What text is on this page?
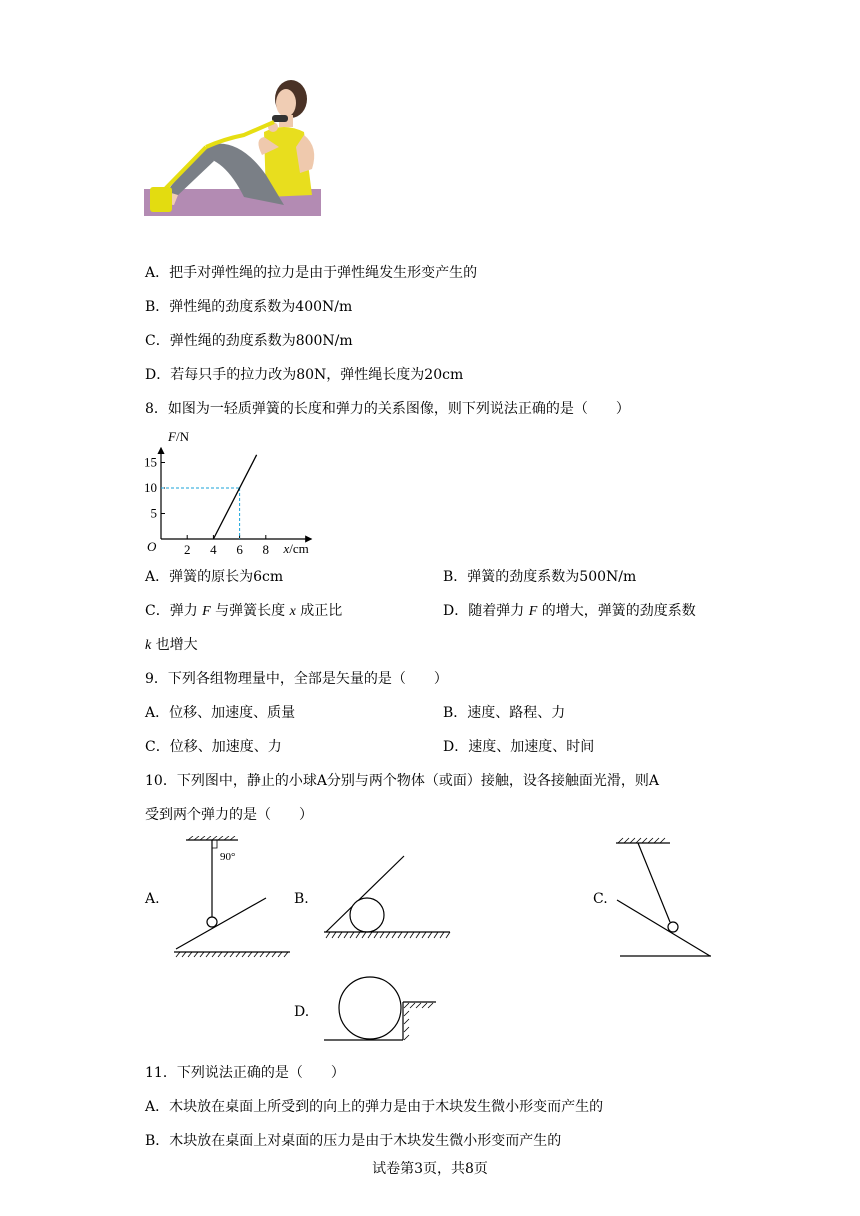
A．把手对弹性绳的拉力是由于弹性绳发生形变产生的
B．弹性绳的劲度系数为400N/m
C．弹性绳的劲度系数为800N/m
D．若每只手的拉力改为80N，弹性绳长度为20cm
8．如图为一轻质弹簧的长度和弹力的关系图像，则下列说法正确的是（　　）
F/N
x/cm
O 2 4 6 8
5
10
15
A．弹簧的原长为6cm	B．弹簧的劲度系数为500N/m
C．弹力 F 与弹簧长度 x 成正比	D．随着弹力 F 的增大，弹簧的劲度系数
k 也增大
9．下列各组物理量中，全部是矢量的是（　　）
A．位移、加速度、质量	B．速度、路程、力
C．位移、加速度、力	D．速度、加速度、时间
10．下列图中，静止的小球A分别与两个物体（或面）接触，设各接触面光滑，则A
受到两个弹力的是（　　）
A.	B.	C.
D.
90°
11．下列说法正确的是（　　）
A．木块放在桌面上所受到的向上的弹力是由于木块发生微小形变而产生的
B．木块放在桌面上对桌面的压力是由于木块发生微小形变而产生的
试卷第3页，共8页
